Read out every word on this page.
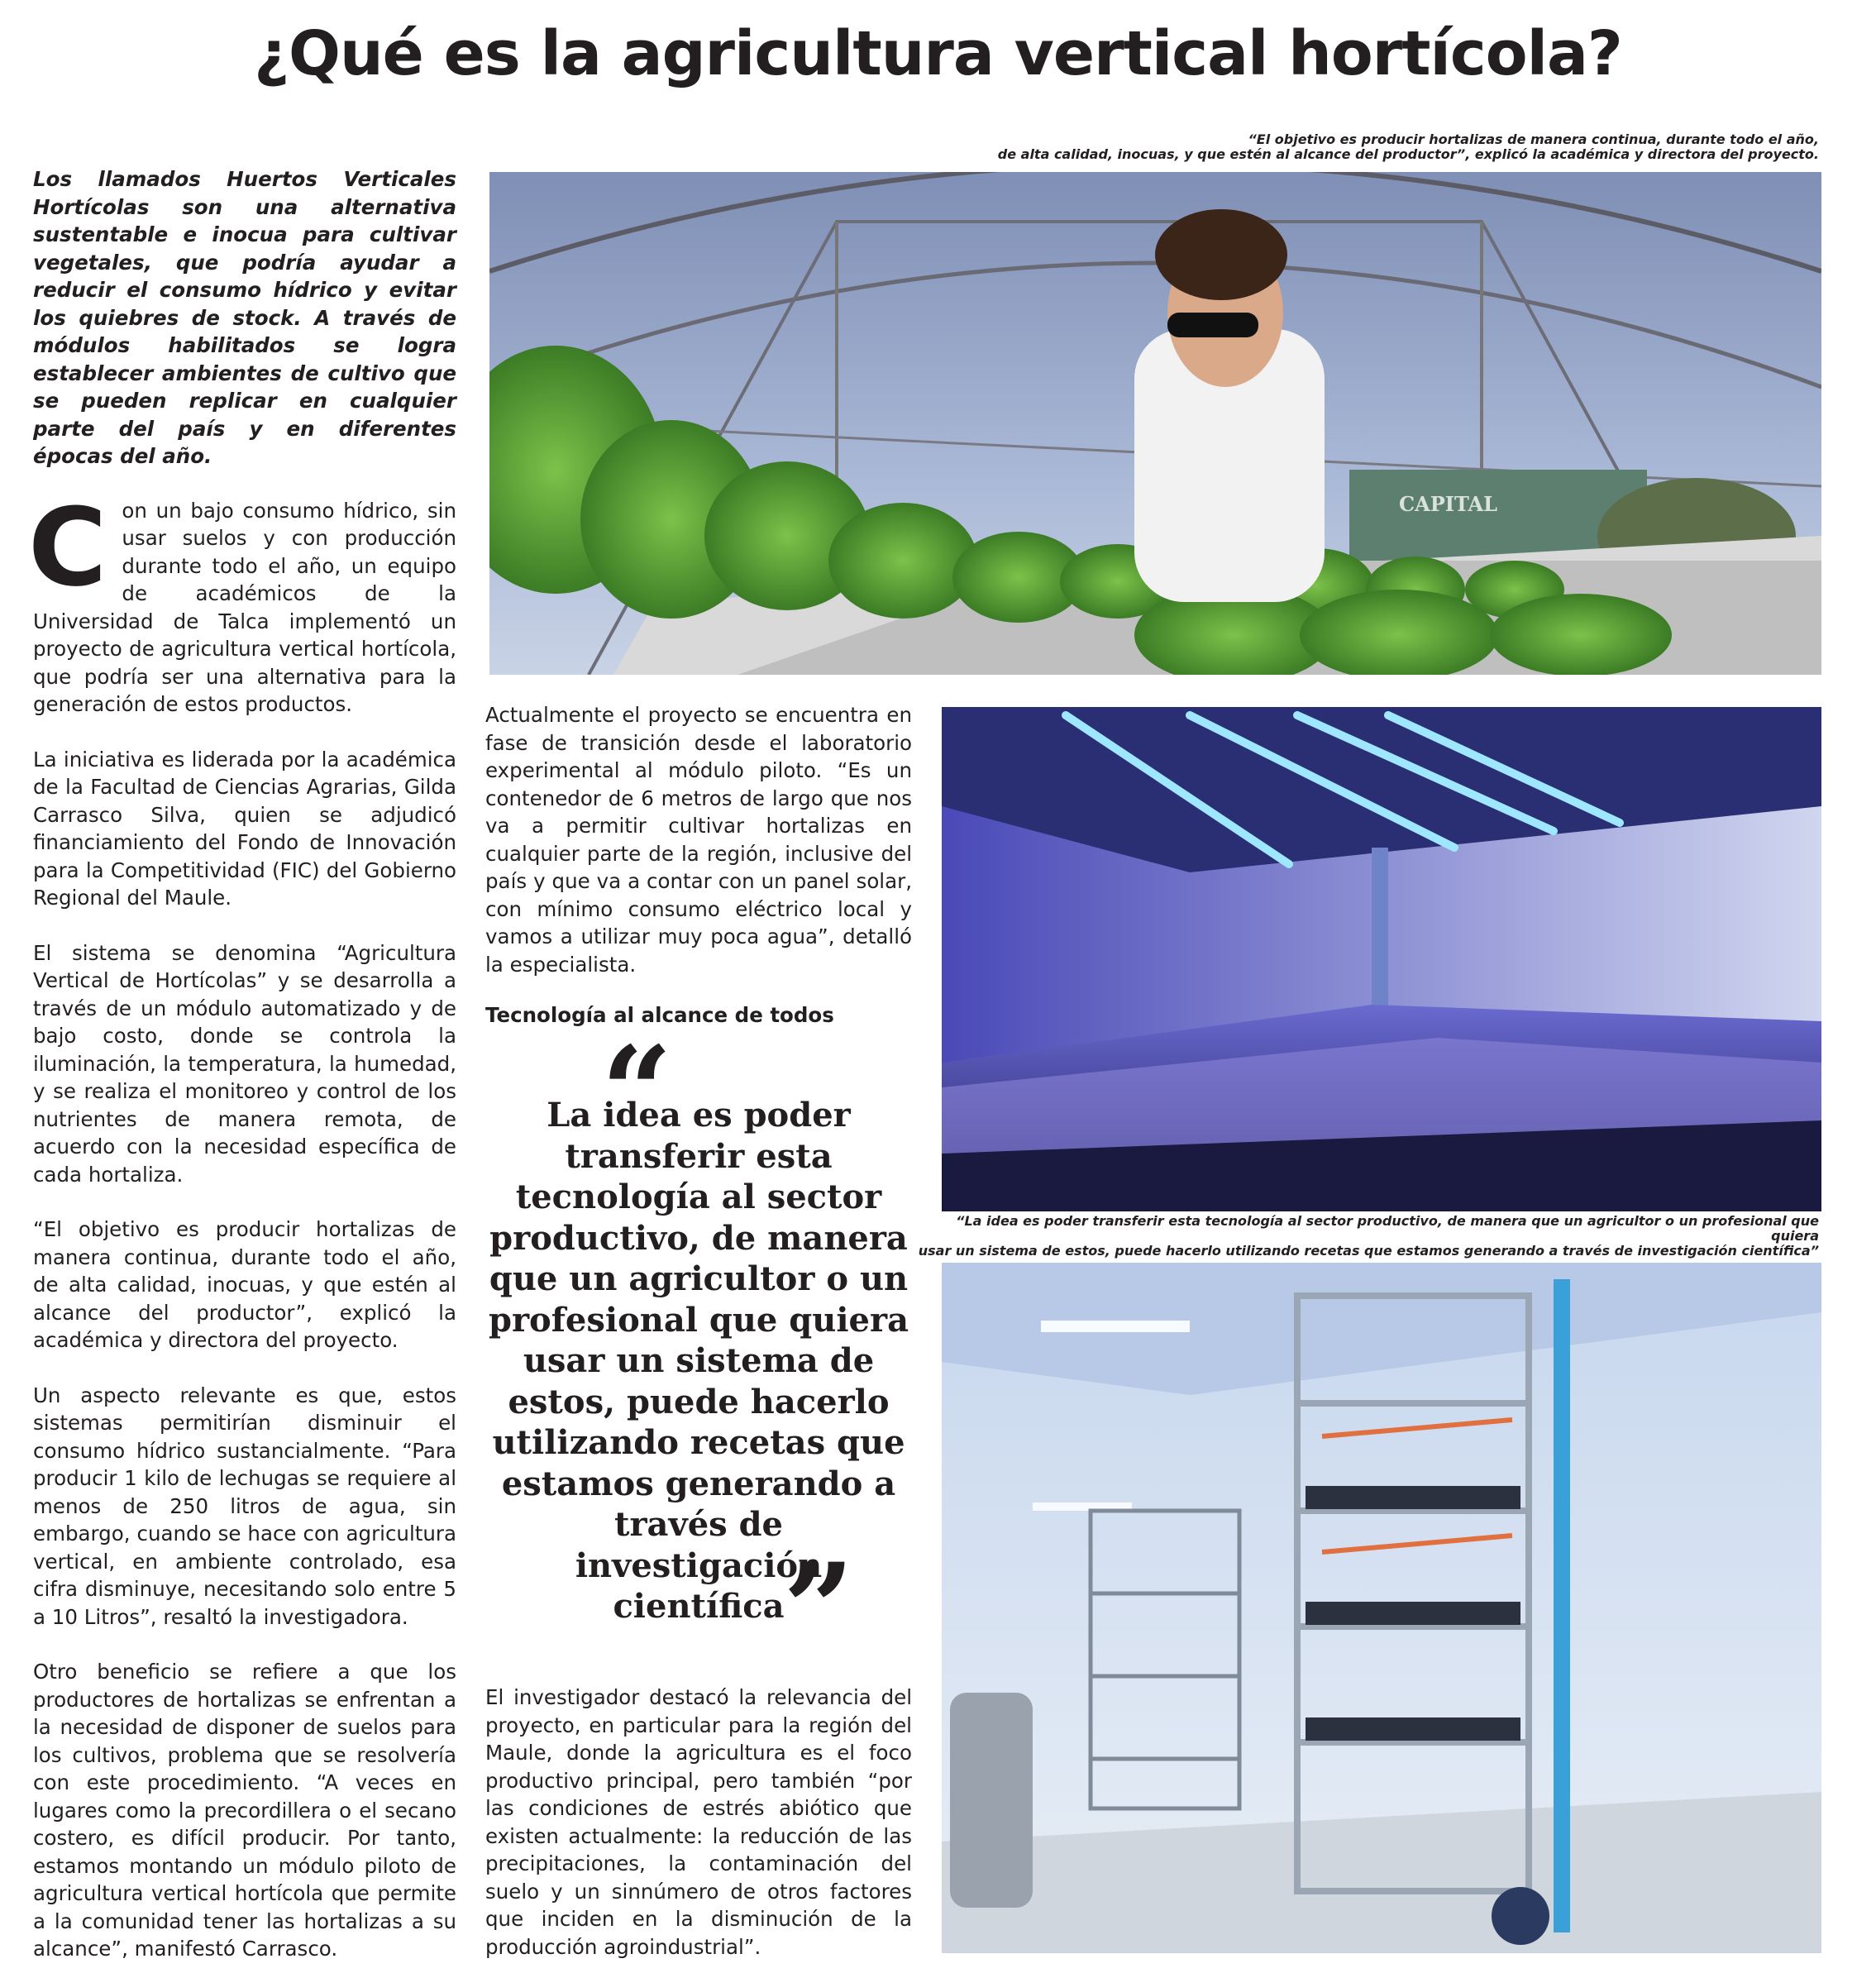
¿Qué es la agricultura vertical hortícola?

“El objetivo es producir hortalizas de manera continua, durante todo el año,
de alta calidad, inocuas, y que estén al alcance del productor”, explicó la académica y directora del proyecto.

Los llamados Huertos Verticales Hortícolas son una alternativa sustentable e inocua para cultivar vegetales, que podría ayudar a reducir el consumo hídrico y evitar los quiebres de stock. A través de módulos habilitados se logra establecer ambientes de cultivo que se pueden replicar en cualquier parte del país y en diferentes épocas del año.

C on un bajo consumo hídrico, sin usar suelos y con producción durante todo el año, un equipo de académicos de la Universidad de Talca implementó un proyecto de agricultura vertical hortícola, que podría ser una alternativa para la generación de estos productos.

La iniciativa es liderada por la académica de la Facultad de Ciencias Agrarias, Gilda Carrasco Silva, quien se adjudicó financiamiento del Fondo de Innovación para la Competitividad (FIC) del Gobierno Regional del Maule.

El sistema se denomina “Agricultura Vertical de Hortícolas” y se desarrolla a través de un módulo automatizado y de bajo costo, donde se controla la iluminación, la temperatura, la humedad, y se realiza el monitoreo y control de los nutrientes de manera remota, de acuerdo con la necesidad específica de cada hortaliza.

“El objetivo es producir hortalizas de manera continua, durante todo el año, de alta calidad, inocuas, y que estén al alcance del productor”, explicó la académica y directora del proyecto.

Un aspecto relevante es que, estos sistemas permitirían disminuir el consumo hídrico sustancialmente. “Para producir 1 kilo de lechugas se requiere al menos de 250 litros de agua, sin embargo, cuando se hace con agricultura vertical, en ambiente controlado, esa cifra disminuye, necesitando solo entre 5 a 10 Litros”, resaltó la investigadora.

Otro beneficio se refiere a que los productores de hortalizas se enfrentan a la necesidad de disponer de suelos para los cultivos, problema que se resolvería con este procedimiento. “A veces en lugares como la precordillera o el secano costero, es difícil producir. Por tanto, estamos montando un módulo piloto de agricultura vertical hortícola que permite a la comunidad tener las hortalizas a su alcance”, manifestó Carrasco.

Actualmente el proyecto se encuentra en fase de transición desde el laboratorio experimental al módulo piloto. “Es un contenedor de 6 metros de largo que nos va a permitir cultivar hortalizas en cualquier parte de la región, inclusive del país y que va a contar con un panel solar, con mínimo consumo eléctrico local y vamos a utilizar muy poca agua”, detalló la especialista.

Tecnología al alcance de todos

“

La idea es poder transferir esta tecnología al sector productivo, de manera que un agricultor o un profesional que quiera usar un sistema de estos, puede hacerlo utilizando recetas que estamos generando a través de investigación científica

”

El investigador destacó la relevancia del proyecto, en particular para la región del Maule, donde la agricultura es el foco productivo principal, pero también “por las condiciones de estrés abiótico que existen actualmente: la reducción de las precipitaciones, la contaminación del suelo y un sinnúmero de otros factores que inciden en la disminución de la producción agroindustrial”.

CAPITAL

“La idea es poder transferir esta tecnología al sector productivo, de manera que un agricultor o un profesional que quiera
usar un sistema de estos, puede hacerlo utilizando recetas que estamos generando a través de investigación científica”
